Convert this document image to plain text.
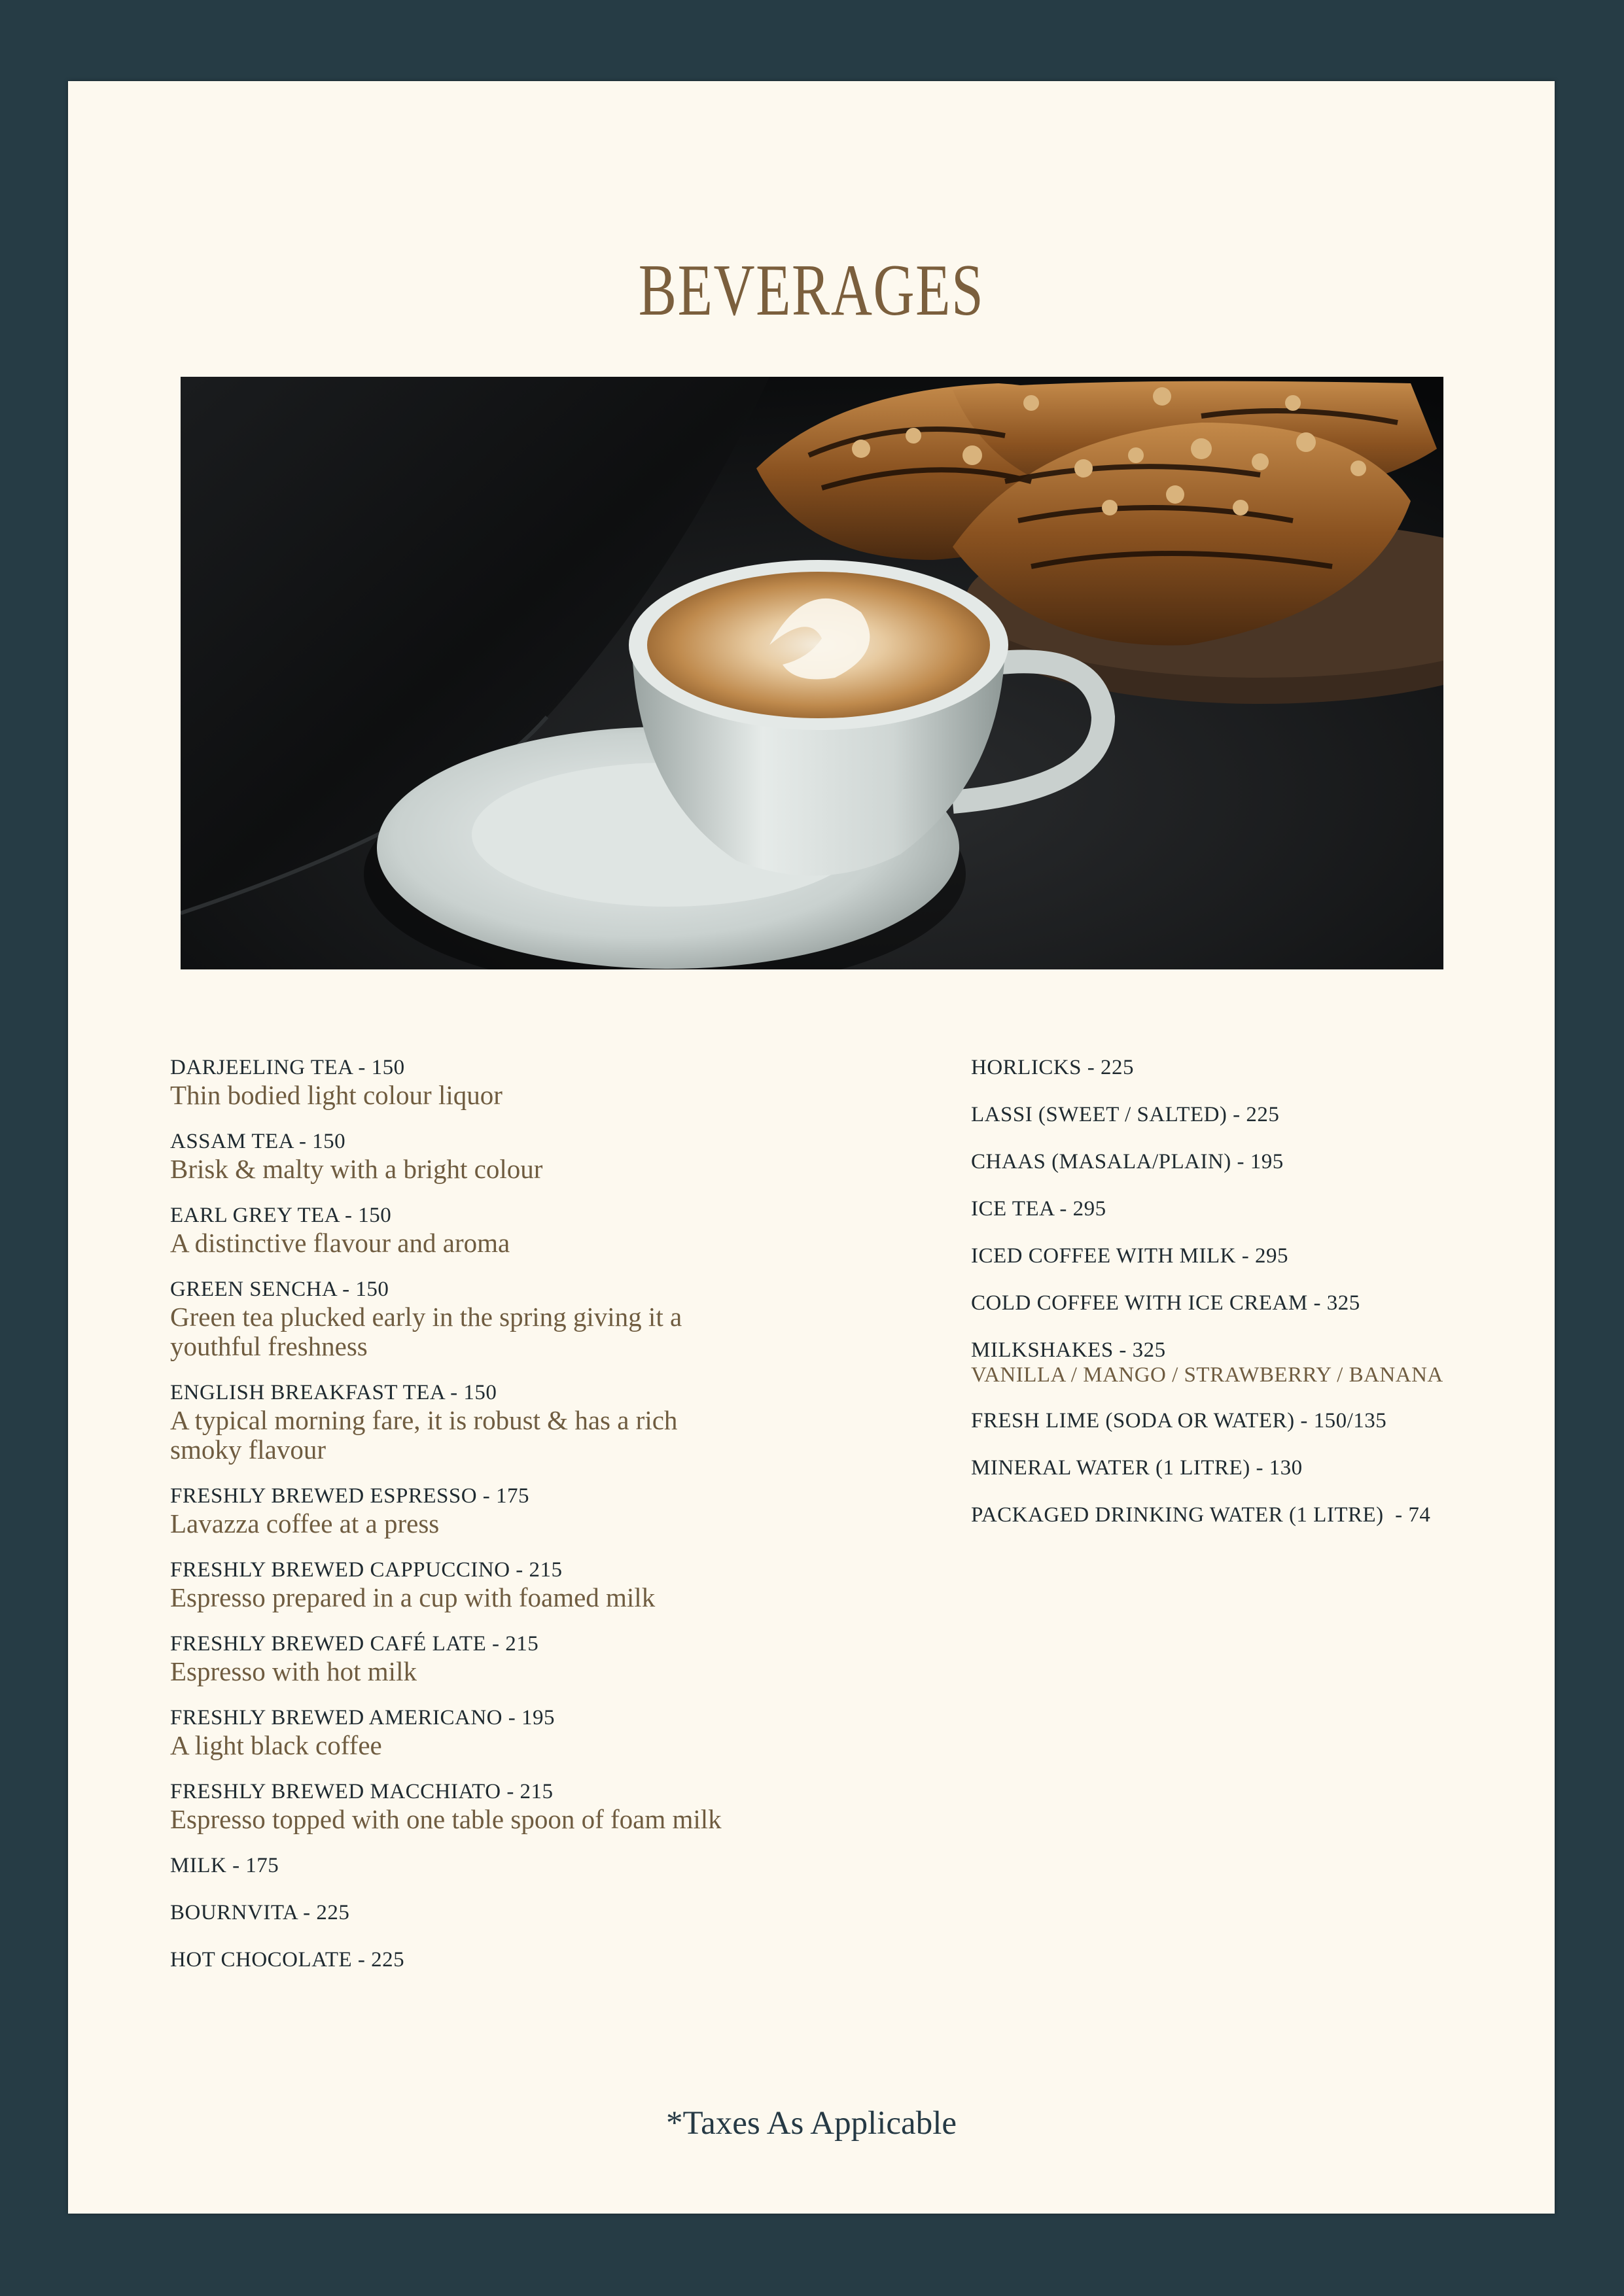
BEVERAGES
DARJEELING TEA - 150
Thin bodied light colour liquor
ASSAM TEA - 150
Brisk & malty with a bright colour
EARL GREY TEA - 150
A distinctive flavour and aroma
GREEN SENCHA - 150
Green tea plucked early in the spring giving it a youthful freshness
ENGLISH BREAKFAST TEA - 150
A typical morning fare, it is robust & has a rich smoky flavour
FRESHLY BREWED ESPRESSO - 175
Lavazza coffee at a press
FRESHLY BREWED CAPPUCCINO - 215
Espresso prepared in a cup with foamed milk
FRESHLY BREWED CAFÉ LATE - 215
Espresso with hot milk
FRESHLY BREWED AMERICANO - 195
A light black coffee
FRESHLY BREWED MACCHIATO - 215
Espresso topped with one table spoon of foam milk
MILK - 175
BOURNVITA - 225
HOT CHOCOLATE - 225
HORLICKS - 225
LASSI (SWEET / SALTED) - 225
CHAAS (MASALA/PLAIN) - 195
ICE TEA - 295
ICED COFFEE WITH MILK - 295
COLD COFFEE WITH ICE CREAM - 325
MILKSHAKES - 325
VANILLA / MANGO / STRAWBERRY / BANANA
FRESH LIME (SODA OR WATER) - 150/135
MINERAL WATER (1 LITRE) - 130
PACKAGED DRINKING WATER (1 LITRE)  - 74
*Taxes As Applicable
